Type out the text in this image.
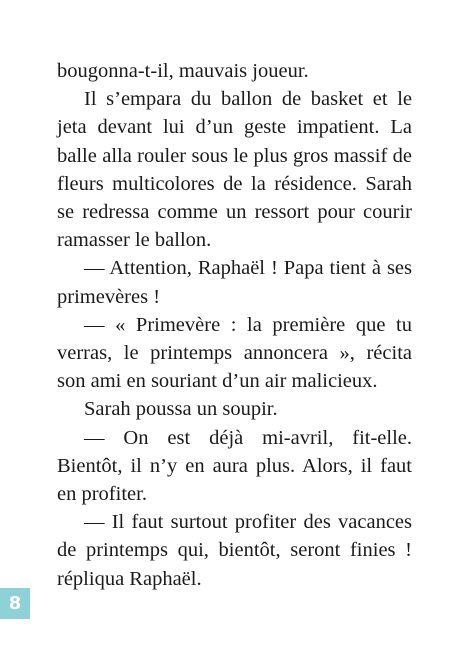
bougonna-t-il, mauvais joueur.

Il s’empara du ballon de basket et le jeta devant lui d’un geste impatient. La balle alla rouler sous le plus gros massif de fleurs multicolores de la résidence. Sarah se redressa comme un ressort pour courir ramasser le ballon.

— Attention, Raphaël ! Papa tient à ses primevères !

— « Primevère : la première que tu verras, le printemps annoncera », récita son ami en souriant d’un air malicieux.

Sarah poussa un soupir.

— On est déjà mi-avril, fit-elle. Bientôt, il n’y en aura plus. Alors, il faut en profiter.

— Il faut surtout profiter des vacances de printemps qui, bientôt, seront finies ! répliqua Raphaël.

8
